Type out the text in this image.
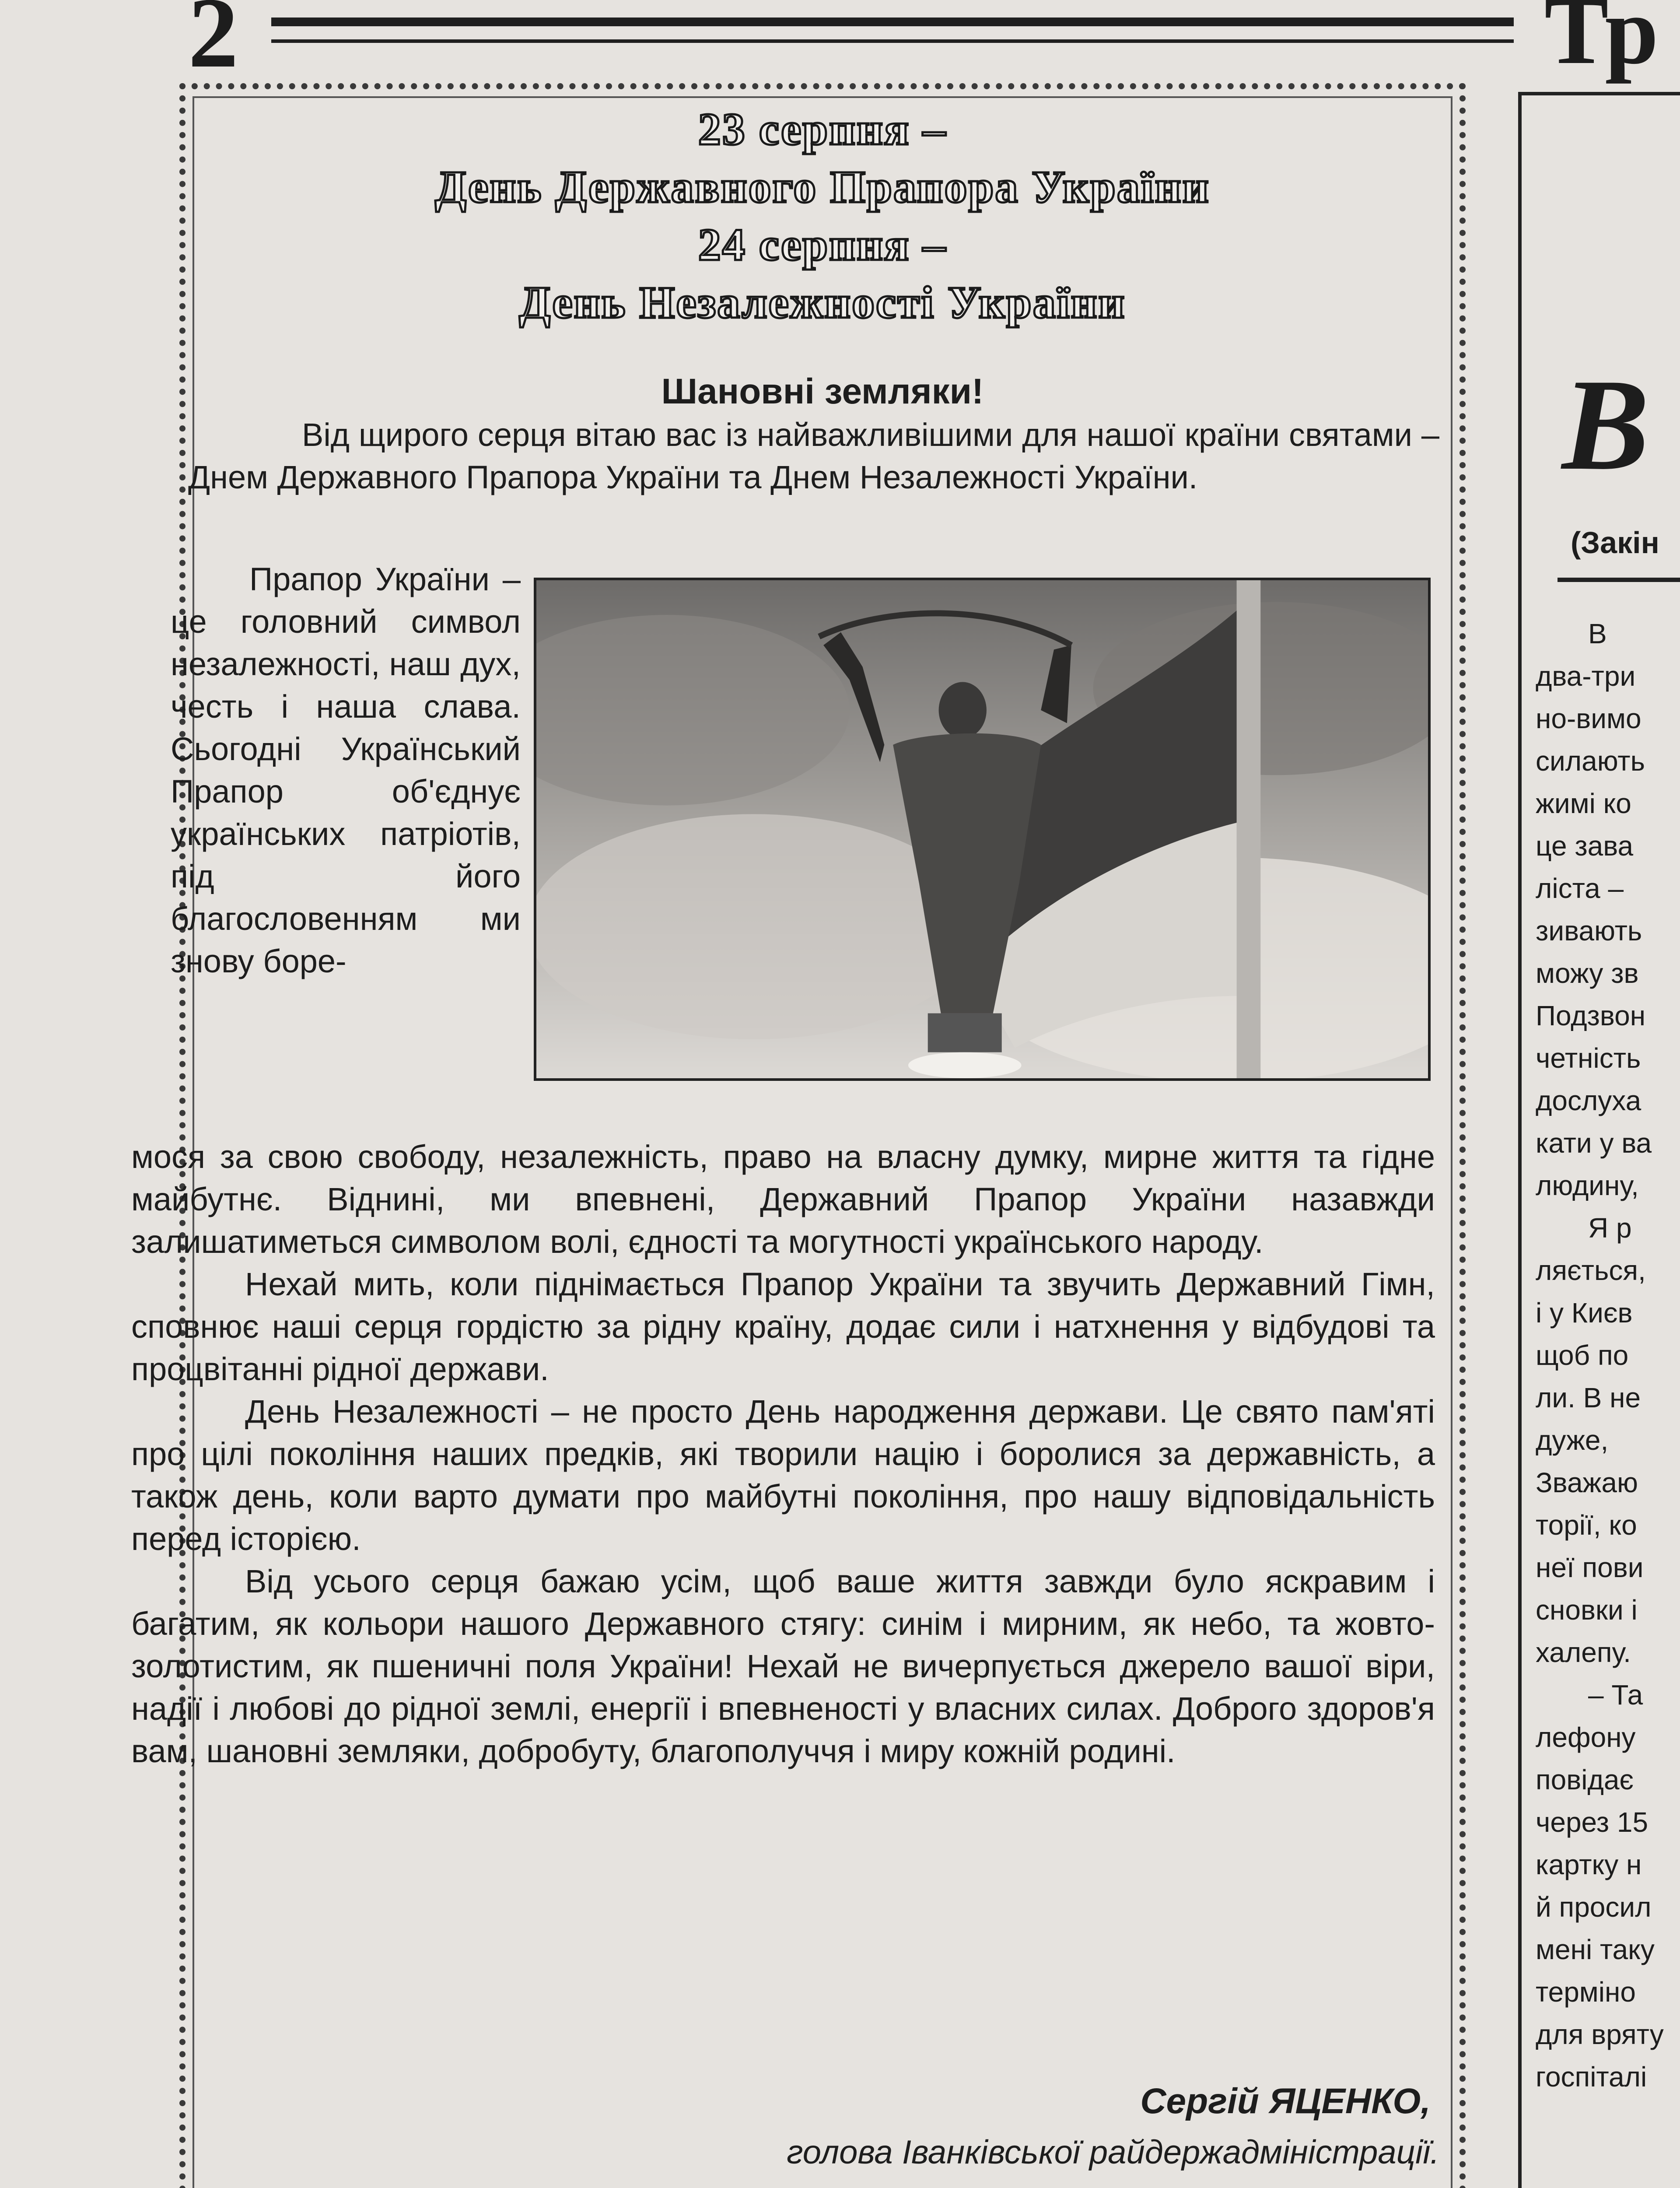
2	Тр
23 серпня –
День Державного Прапора України
24 серпня –
День Незалежності України
Шановні земляки!

Від щирого серця вітаю вас із найважливішими для нашої країни святами – Днем Державного Прапора України та Днем Незалежності України.

Прапор України – це головний символ незалежності, наш дух, честь і наша слава. Сьогодні Український Прапор об'єднує українських патріотів, під його благословенням ми знову боре-

мося за свою свободу, незалежність, право на власну думку, мирне життя та гідне майбутнє. Віднині, ми впевнені, Державний Прапор України назавжди залишатиметься символом волі, єдності та могутності українського народу.

Нехай мить, коли піднімається Прапор України та звучить Державний Гімн, сповнює наші серця гордістю за рідну країну, додає сили і натхнення у відбудові та процвітанні рідної держави.

День Незалежності – не просто День народження держави. Це свято пам'яті про цілі покоління наших предків, які творили націю і боролися за державність, а також день, коли варто думати про майбутні покоління, про нашу відповідальність перед історією.

Від усього серця бажаю усім, щоб ваше життя завжди було яскравим і багатим, як кольори нашого Державного стягу: синім і мирним, як небо, та жовто-золотистим, як пшеничні поля України! Нехай не вичерпується джерело вашої віри, надії і любові до рідної землі, енергії і впевненості у власних силах. Доброго здоров'я вам, шановні земляки, добробуту, благополуччя і миру кожній родині.

Сергій ЯЦЕНКО,
голова Іванківської райдержадміністрації.
В
(Закін
В
два-три
но-вимо
силають
жимі ко
це зава
ліста –
зивають
можу зв
Подзвон
четність
дослуха
кати у ва
людину,
Я р
ляється,
і у Києв
щоб по
ли. В не
дуже,
Зважаю
торії, ко
неї пови
сновки і
халепу.
– Та
лефону
повідає
через 15
картку н
й просил
мені таку
терміно
для вряту
госпіталі
